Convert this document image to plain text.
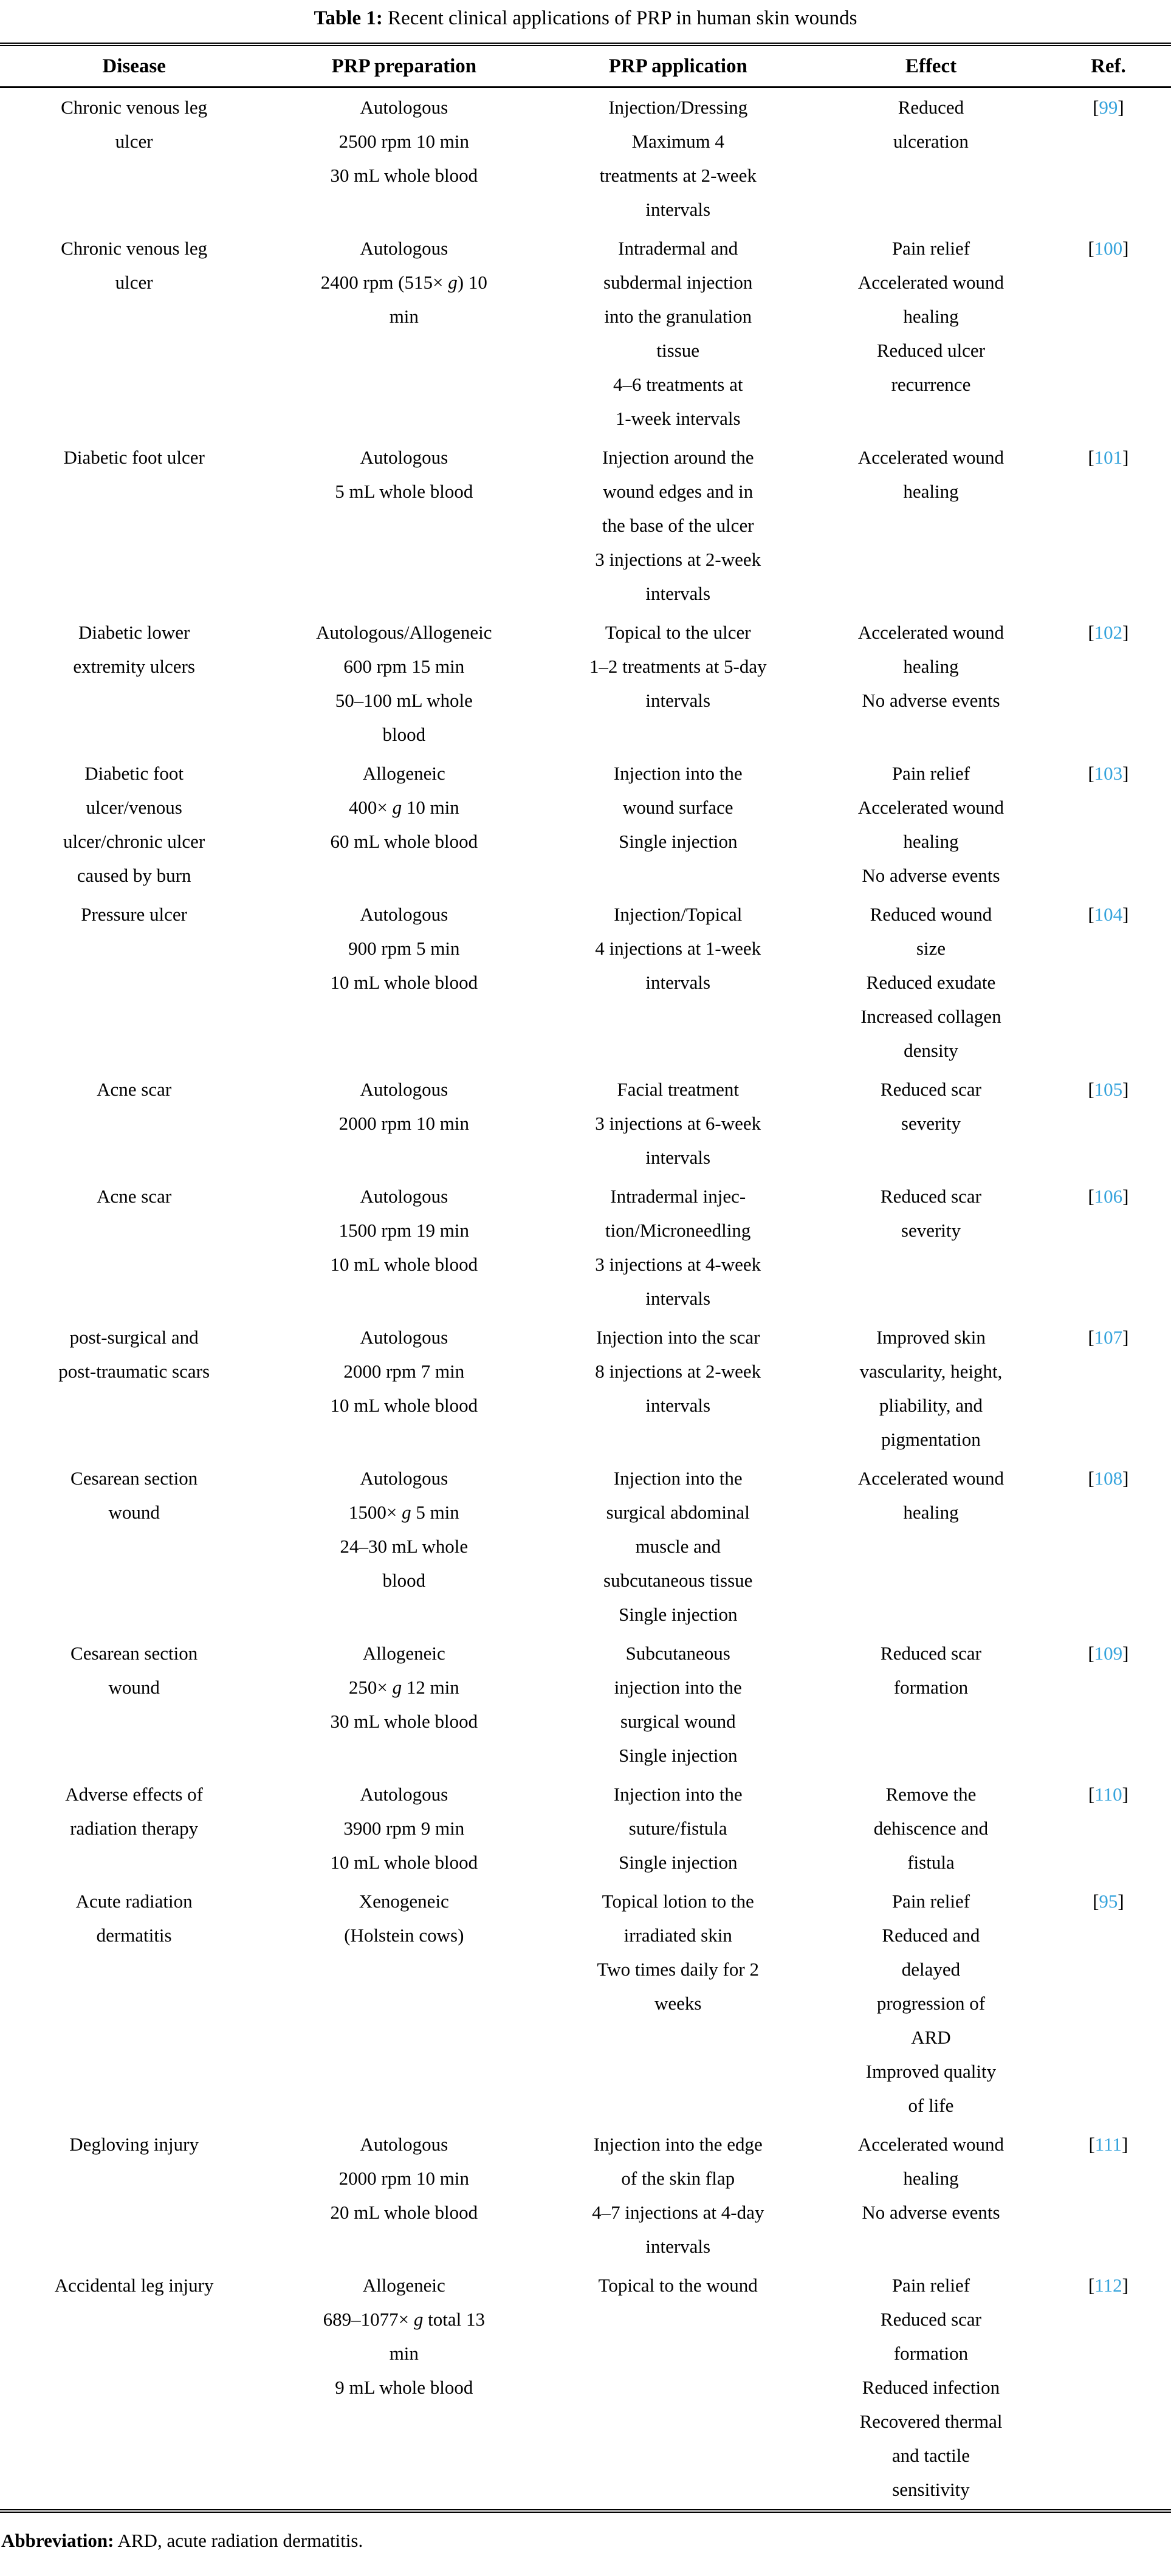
Table 1: Recent clinical applications of PRP in human skin wounds
Disease	PRP preparation	PRP application	Effect	Ref.
Chronic venous leg
ulcer	Autologous
2500 rpm 10 min
30 mL whole blood	Injection/Dressing
Maximum 4
treatments at 2-week
intervals	Reduced
ulceration	[99]
Chronic venous leg
ulcer	Autologous
2400 rpm (515× g) 10
min	Intradermal and
subdermal injection
into the granulation
tissue
4–6 treatments at
1-week intervals	Pain relief
Accelerated wound
healing
Reduced ulcer
recurrence	[100]
Diabetic foot ulcer	Autologous
5 mL whole blood	Injection around the
wound edges and in
the base of the ulcer
3 injections at 2-week
intervals	Accelerated wound
healing	[101]
Diabetic lower
extremity ulcers	Autologous/Allogeneic
600 rpm 15 min
50–100 mL whole
blood	Topical to the ulcer
1–2 treatments at 5-day
intervals	Accelerated wound
healing
No adverse events	[102]
Diabetic foot
ulcer/venous
ulcer/chronic ulcer
caused by burn	Allogeneic
400× g 10 min
60 mL whole blood	Injection into the
wound surface
Single injection	Pain relief
Accelerated wound
healing
No adverse events	[103]
Pressure ulcer	Autologous
900 rpm 5 min
10 mL whole blood	Injection/Topical
4 injections at 1-week
intervals	Reduced wound
size
Reduced exudate
Increased collagen
density	[104]
Acne scar	Autologous
2000 rpm 10 min	Facial treatment
3 injections at 6-week
intervals	Reduced scar
severity	[105]
Acne scar	Autologous
1500 rpm 19 min
10 mL whole blood	Intradermal injec-
tion/Microneedling
3 injections at 4-week
intervals	Reduced scar
severity	[106]
post-surgical and
post-traumatic scars	Autologous
2000 rpm 7 min
10 mL whole blood	Injection into the scar
8 injections at 2-week
intervals	Improved skin
vascularity, height,
pliability, and
pigmentation	[107]
Cesarean section
wound	Autologous
1500× g 5 min
24–30 mL whole
blood	Injection into the
surgical abdominal
muscle and
subcutaneous tissue
Single injection	Accelerated wound
healing	[108]
Cesarean section
wound	Allogeneic
250× g 12 min
30 mL whole blood	Subcutaneous
injection into the
surgical wound
Single injection	Reduced scar
formation	[109]
Adverse effects of
radiation therapy	Autologous
3900 rpm 9 min
10 mL whole blood	Injection into the
suture/fistula
Single injection	Remove the
dehiscence and
fistula	[110]
Acute radiation
dermatitis	Xenogeneic
(Holstein cows)	Topical lotion to the
irradiated skin
Two times daily for 2
weeks	Pain relief
Reduced and
delayed
progression of
ARD
Improved quality
of life	[95]
Degloving injury	Autologous
2000 rpm 10 min
20 mL whole blood	Injection into the edge
of the skin flap
4–7 injections at 4-day
intervals	Accelerated wound
healing
No adverse events	[111]
Accidental leg injury	Allogeneic
689–1077× g total 13
min
9 mL whole blood	Topical to the wound	Pain relief
Reduced scar
formation
Reduced infection
Recovered thermal
and tactile
sensitivity	[112]
Abbreviation: ARD, acute radiation dermatitis.
